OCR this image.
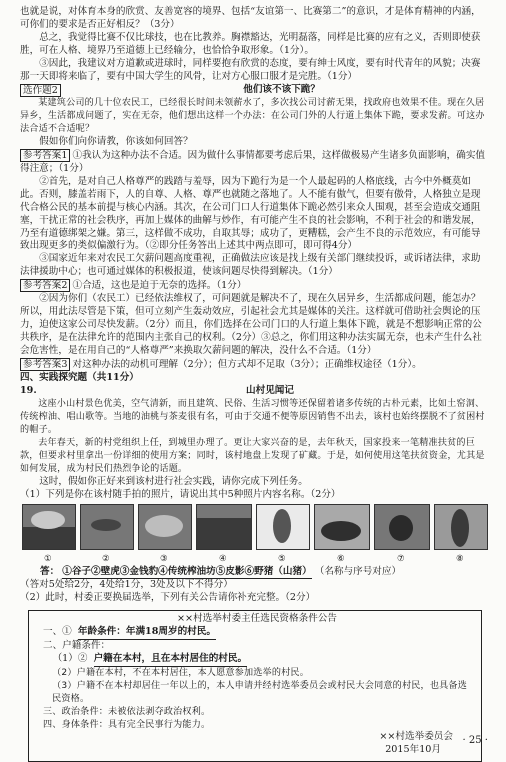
也就是说，对体育本身的欣赏、友善宽容的境界、包括“友谊第一、比赛第二”的意识，才是体育精神的内涵，可你们的要求是否正好相反？（3分）

总之，我觉得比赛不仅比球技，也在比教养。胸襟豁达，光明磊落，同样是比赛的应有之义，否则即使获胜，可在人格、境界乃至道德上已经输分，也恰恰争取形象。（1分）。

③因此，我建议对方道歉或进球时，同样要抱有欣赏的态度，要有绅士风度，要有时代青年的风貌；决赛那一天即将来临了，要有中国大学生的风骨，让对方心服口服才是完胜。（1分）

选作题2	他们该不该下跪？

某建筑公司的几十位农民工，已经很长时间未领薪水了，多次找公司讨薪无果，找政府也效果不佳。现在久居异乡，生活都成问题了，实在无奈，他们想出这样一个办法：在公司门外的人行道上集体下跪，要求发薪。可这办法合适不合适呢？

假如你们向你请教，你该如何回答？

参考答案1 ①我认为这种办法不合适。因为做什么事情都要考虑后果，这样做极易产生诸多负面影响，确实值得注意；（1分）

②首先，是对自己人格尊严的践踏与羞辱，因为下跪行为是一个人最起码的人格底线，古今中外概莫如此。否则，膝盖若雨下，人的自尊、人格、尊严也就随之落地了。人不能有傲气，但要有傲骨，人格独立是现代合格公民的基本前提与核心内涵。其次，在公司门口人行道集体下跪必然引来众人围观，甚至会造成交通阻塞，干扰正常的社会秩序，再加上媒体的曲解与炒作，有可能产生不良的社会影响，不利于社会的和谐发展，乃至有道德绑架之嫌。第三，这样做不成功，自取其辱；成功了，更糟糕，会产生不良的示范效应，有可能导致出现更多的类似偏激行为。（②即分任务答出上述其中两点即可，即可得4分）

③国家近年来对农民工欠薪问题高度重视，正确做法应该是找上级有关部门继续投诉，或诉诸法律，求助法律援助中心；也可通过媒体的积极报道，使该问题尽快得到解决。（1分）

参考答案2 ①合适，这也是迫于无奈的选择。（1分）

②因为你们（农民工）已经依法维权了，可问题就是解决不了，现在久居异乡，生活都成问题，能怎办？所以，用此法尽管是下策，但可立刻产生轰动效应，引起社会尤其是媒体的关注。这样就可借助社会舆论的压力，迫使这家公司尽快发薪。（2分）而且，你们选择在公司门口的人行道上集体下跪，就是不想影响正常的公共秩序，是在法律允许的范围内主张自己的权利。（2分）③总之，你们用这种办法实属无奈，也未产生什么社会危害性，是在用自己的“人格尊严”来换取欠薪问题的解决，没什么不合适。（1分）

参考答案3 对这种办法的动机可理解（2分）；但方式却不足取（3分）；正确维权途径（1分）。

四、实践探究题（共11分）

19.	山村见闻记

这座小山村景色优美，空气清新，而且建筑、民俗、生活习惯等还保留着诸多传统的古朴元素，比如土窑洞、传统榨油、唱山歌等。当地的油桃与茶麦很有名，可由于交通不便等原因销售不出去，该村也始终摆脱不了贫困村的帽子。

去年春天，新的村党组织上任，到城里办理了。更让大家兴奋的是，去年秋天，国家投来一笔精准扶贫的巨款，但要求村里拿出一份详细的使用方案；同时，该村地盘上发现了矿藏。于是，如何使用这笔扶贫资金，尤其是如何发展，成为村民们热烈争论的话题。

这时，假如你正好来到该村进行社会实践，请你完成下列任务。

（1）下列是你在该村随手拍的照片，请说出其中5种照片内容名称。（2分）

①	②	③	④	⑤	⑥	⑦	⑧

答： ①谷子②壁虎③金钱豹④传统榨油坊⑤皮影⑥野猪（山猪） （名称与序号对应）

（答对5处给2分，4处给1分，3处及以下不得分）

（2）此时，村委正要换届选举，下列有关公告请你补充完整。（2分）

××村选举村委主任选民资格条件公告

一、① 年龄条件：年满18周岁的村民。

二、户籍条件：

（1）② 户籍在本村，且在本村居住的村民。

（2）户籍在本村，不在本村居住，本人愿意参加选举的村民。

（3）户籍不在本村却居住一年以上的，本人申请并经村选举委员会或村民大会同意的村民，也具备选民资格。

三、政治条件：未被依法剥夺政治权利。

四、身体条件：具有完全民事行为能力。

××村选举委员会

2015年10月

· 25 ·
